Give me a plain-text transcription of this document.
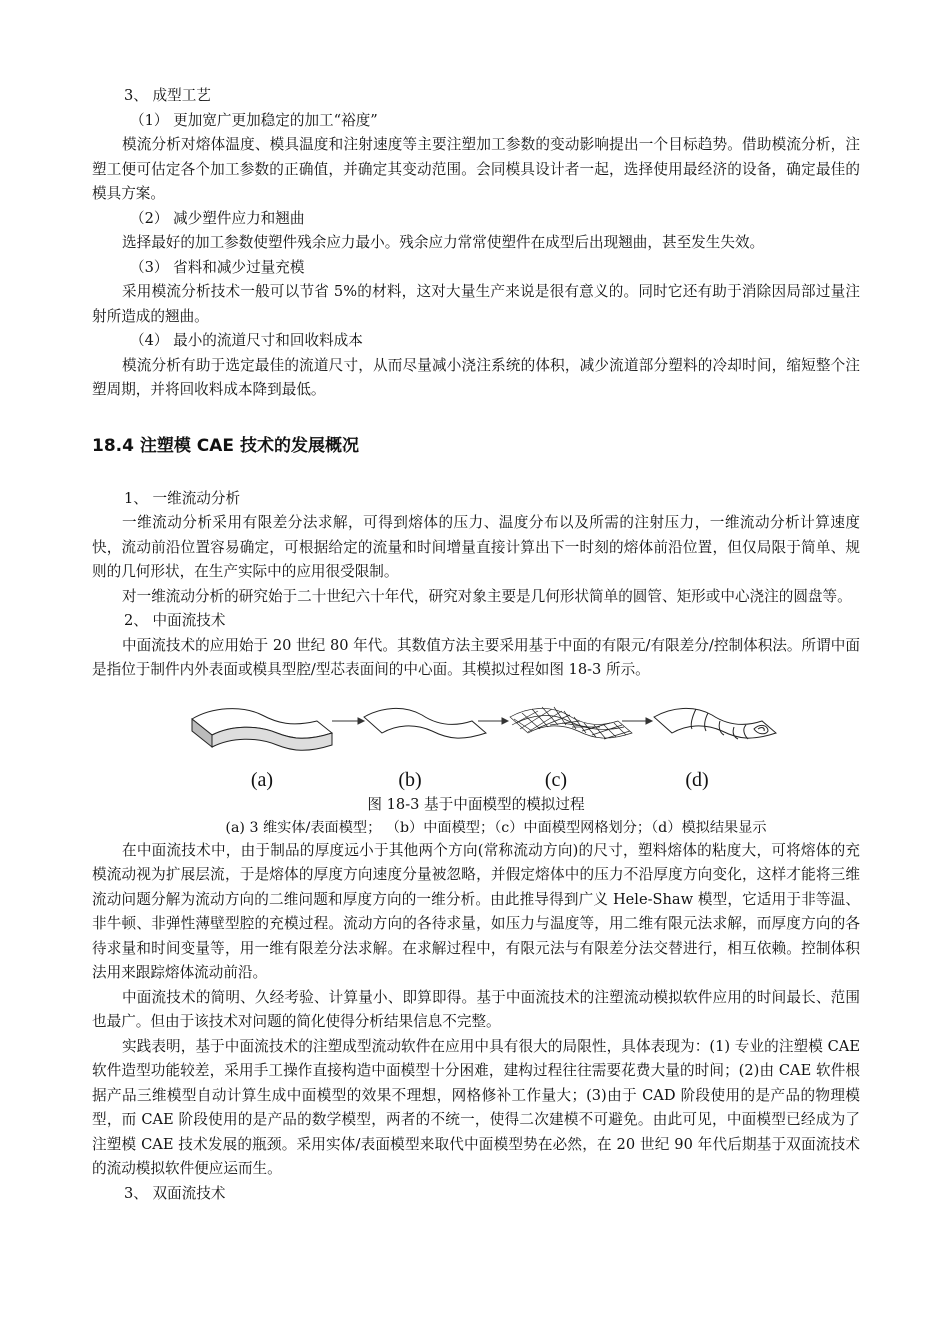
3、 成型工艺

（1） 更加宽广更加稳定的加工“裕度”

模流分析对熔体温度、模具温度和注射速度等主要注塑加工参数的变动影响提出一个目标趋势。借助模流分析，注塑工便可估定各个加工参数的正确值，并确定其变动范围。会同模具设计者一起，选择使用最经济的设备，确定最佳的模具方案。

（2） 减少塑件应力和翘曲

选择最好的加工参数使塑件残余应力最小。残余应力常常使塑件在成型后出现翘曲，甚至发生失效。

（3） 省料和减少过量充模

采用模流分析技术一般可以节省 5%的材料，这对大量生产来说是很有意义的。同时它还有助于消除因局部过量注射所造成的翘曲。

（4） 最小的流道尺寸和回收料成本

模流分析有助于选定最佳的流道尺寸，从而尽量减小浇注系统的体积，减少流道部分塑料的冷却时间，缩短整个注塑周期，并将回收料成本降到最低。

18.4 注塑模 CAE 技术的发展概况

1、 一维流动分析

一维流动分析采用有限差分法求解，可得到熔体的压力、温度分布以及所需的注射压力，一维流动分析计算速度快，流动前沿位置容易确定，可根据给定的流量和时间增量直接计算出下一时刻的熔体前沿位置，但仅局限于简单、规则的几何形状，在生产实际中的应用很受限制。

对一维流动分析的研究始于二十世纪六十年代，研究对象主要是几何形状简单的圆管、矩形或中心浇注的圆盘等。

2、 中面流技术

中面流技术的应用始于 20 世纪 80 年代。其数值方法主要采用基于中面的有限元/有限差分/控制体积法。所谓中面是指位于制件内外表面或模具型腔/型芯表面间的中心面。其模拟过程如图 18-3 所示。

(a)	(b)	(c)	(d)

图 18-3 基于中面模型的模拟过程

(a) 3 维实体/表面模型； （b）中面模型；（c）中面模型网格划分；（d）模拟结果显示

在中面流技术中，由于制品的厚度远小于其他两个方向(常称流动方向)的尺寸，塑料熔体的粘度大，可将熔体的充模流动视为扩展层流，于是熔体的厚度方向速度分量被忽略，并假定熔体中的压力不沿厚度方向变化，这样才能将三维流动问题分解为流动方向的二维问题和厚度方向的一维分析。由此推导得到广义 Hele-Shaw 模型，它适用于非等温、非牛顿、非弹性薄壁型腔的充模过程。流动方向的各待求量，如压力与温度等，用二维有限元法求解，而厚度方向的各待求量和时间变量等，用一维有限差分法求解。在求解过程中，有限元法与有限差分法交替进行，相互依赖。控制体积法用来跟踪熔体流动前沿。

中面流技术的简明、久经考验、计算量小、即算即得。基于中面流技术的注塑流动模拟软件应用的时间最长、范围也最广。但由于该技术对问题的简化使得分析结果信息不完整。

实践表明，基于中面流技术的注塑成型流动软件在应用中具有很大的局限性，具体表现为：(1) 专业的注塑模 CAE 软件造型功能较差，采用手工操作直接构造中面模型十分困难，建构过程往往需要花费大量的时间；(2)由 CAE 软件根据产品三维模型自动计算生成中面模型的效果不理想，网格修补工作量大；(3)由于 CAD 阶段使用的是产品的物理模型，而 CAE 阶段使用的是产品的数学模型，两者的不统一，使得二次建模不可避免。由此可见，中面模型已经成为了注塑模 CAE 技术发展的瓶颈。采用实体/表面模型来取代中面模型势在必然，在 20 世纪 90 年代后期基于双面流技术的流动模拟软件便应运而生。

3、 双面流技术
